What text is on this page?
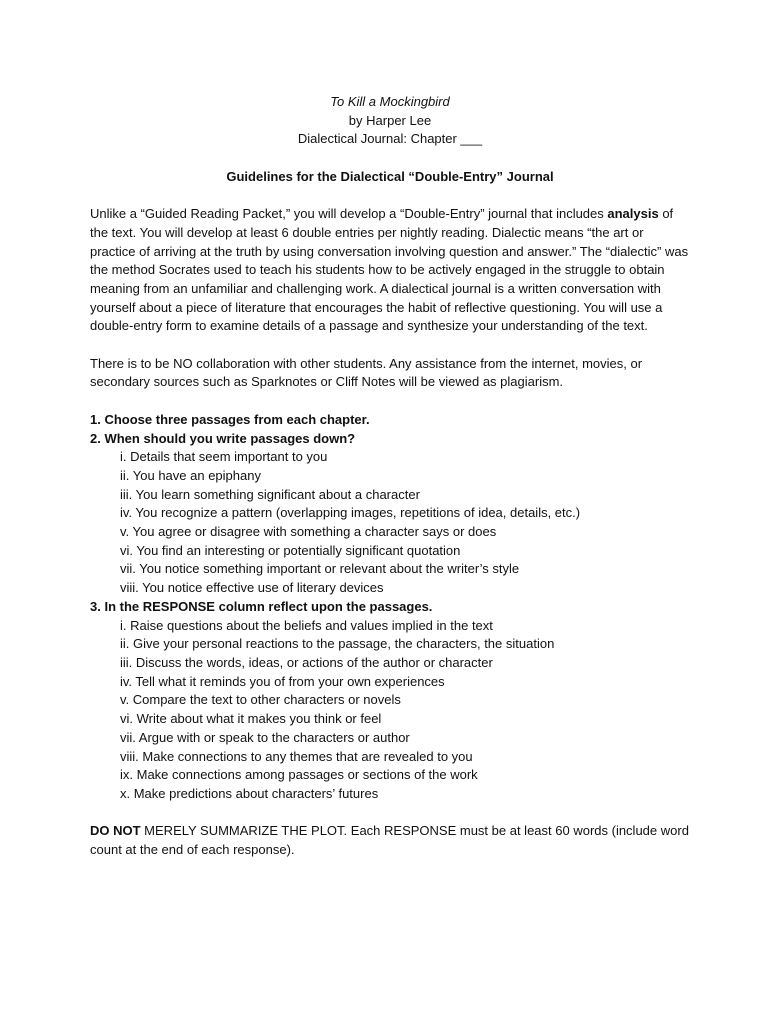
To Kill a Mockingbird
by Harper Lee
Dialectical Journal: Chapter ___
Guidelines for the Dialectical “Double-Entry” Journal

Unlike a “Guided Reading Packet,” you will develop a “Double-Entry” journal that includes analysis of the text. You will develop at least 6 double entries per nightly reading. Dialectic means “the art or practice of arriving at the truth by using conversation involving question and answer.” The “dialectic” was the method Socrates used to teach his students how to be actively engaged in the struggle to obtain meaning from an unfamiliar and challenging work. A dialectical journal is a written conversation with yourself about a piece of literature that encourages the habit of reflective questioning. You will use a double-entry form to examine details of a passage and synthesize your understanding of the text.

There is to be NO collaboration with other students. Any assistance from the internet, movies, or secondary sources such as Sparknotes or Cliff Notes will be viewed as plagiarism.

1. Choose three passages from each chapter.
2. When should you write passages down?
i. Details that seem important to you
ii. You have an epiphany
iii. You learn something significant about a character
iv. You recognize a pattern (overlapping images, repetitions of idea, details, etc.)
v. You agree or disagree with something a character says or does
vi. You find an interesting or potentially significant quotation
vii. You notice something important or relevant about the writer’s style
viii. You notice effective use of literary devices
3. In the RESPONSE column reflect upon the passages.
i. Raise questions about the beliefs and values implied in the text
ii. Give your personal reactions to the passage, the characters, the situation
iii. Discuss the words, ideas, or actions of the author or character
iv. Tell what it reminds you of from your own experiences
v. Compare the text to other characters or novels
vi. Write about what it makes you think or feel
vii. Argue with or speak to the characters or author
viii. Make connections to any themes that are revealed to you
ix. Make connections among passages or sections of the work
x. Make predictions about characters’ futures

DO NOT MERELY SUMMARIZE THE PLOT. Each RESPONSE must be at least 60 words (include word count at the end of each response).
